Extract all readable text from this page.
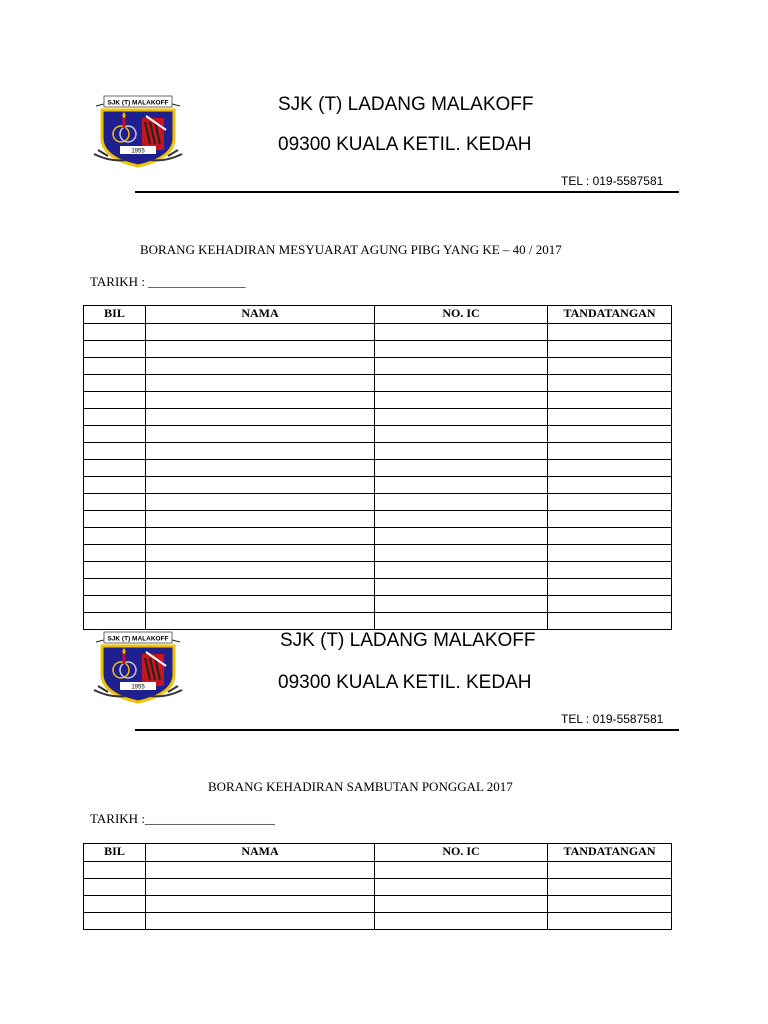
SJK (T) MALAKOFF
1955
SJK (T) LADANG MALAKOFF
09300 KUALA KETIL. KEDAH
TEL : 019-5587581
BORANG KEHADIRAN MESYUARAT AGUNG PIBG YANG KE – 40 / 2017
TARIKH : _______________
BIL	NAMA	NO. IC	TANDATANGAN

SJK (T) MALAKOFF
1955
SJK (T) LADANG MALAKOFF
09300 KUALA KETIL. KEDAH
TEL : 019-5587581
BORANG KEHADIRAN SAMBUTAN PONGGAL 2017
TARIKH :____________________
BIL	NAMA	NO. IC	TANDATANGAN
